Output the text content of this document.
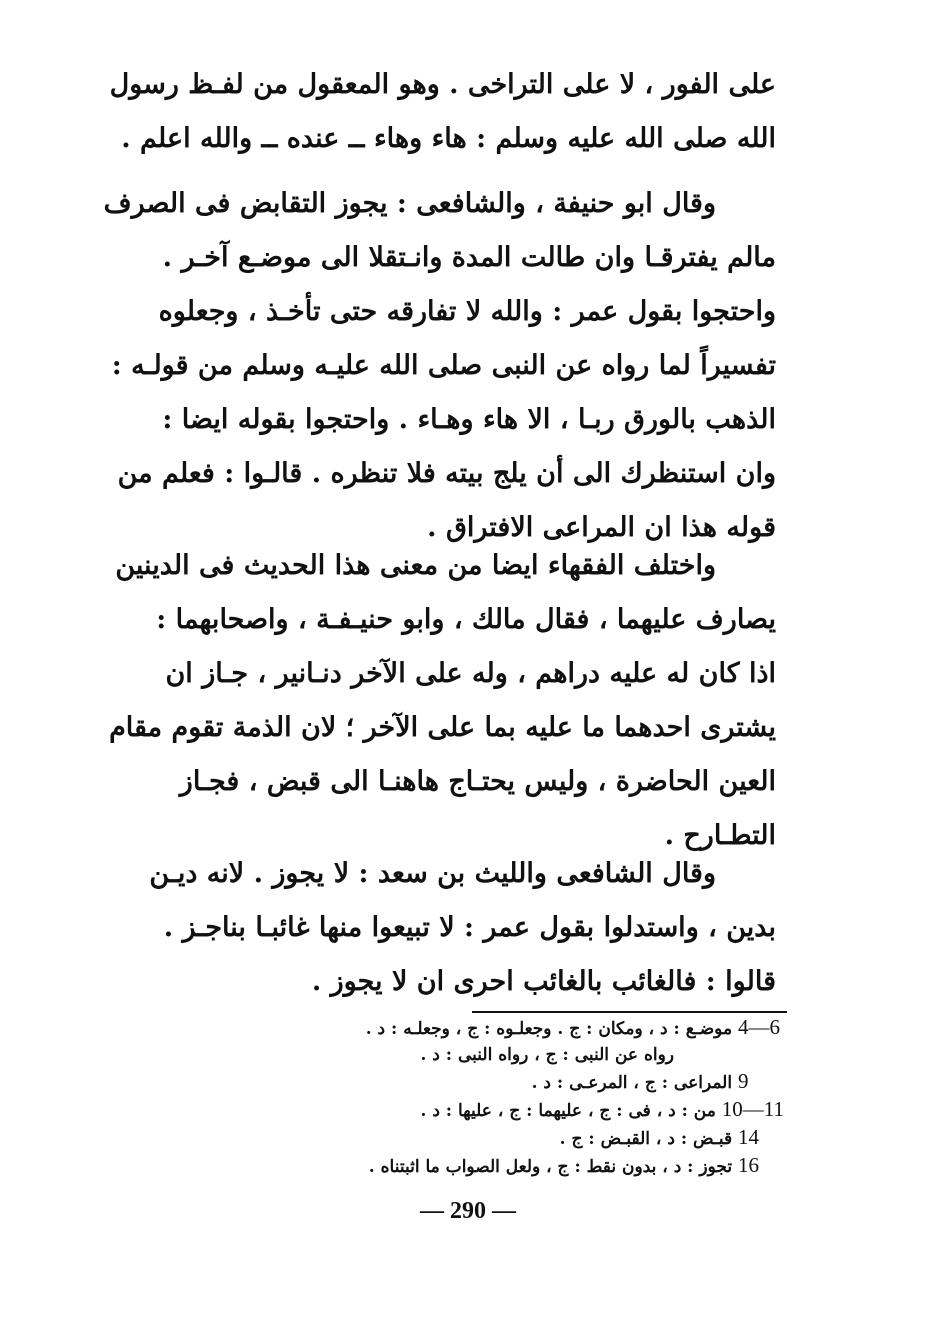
على الفور ، لا على التراخى . وهو المعقول من لفـظ رسول
الله صلى الله عليه وسلم : هاء وهاء ــ عنده ــ والله اعلم .
وقال ابو حنيفة ، والشافعى : يجوز التقابض فى الصرف
مالم يفترقـا وان طالت المدة وانـتقلا الى موضـع آخـر .
واحتجوا بقول عمر : والله لا تفارقه حتى تأخـذ ، وجعلوه
تفسيراً لما رواه عن النبى صلى الله عليـه وسلم من قولـه :
الذهب بالورق ربـا ، الا هاء وهـاء . واحتجوا بقوله ايضا :
وان استنظرك الى أن يلج بيته فلا تنظره . قالـوا : فعلم من
قوله هذا ان المراعى الافتراق .
واختلف الفقهاء ايضا من معنى هذا الحديث فى الدينين
يصارف عليهما ، فقال مالك ، وابو حنيـفـة ، واصحابهما :
اذا كان له عليه دراهم ، وله على الآخر دنـانير ، جـاز ان
يشترى احدهما ما عليه بما على الآخر ؛ لان الذمة تقوم مقام
العين الحاضرة ، وليس يحتـاج هاهنـا الى قبض ، فجـاز
التطـارح .
وقال الشافعى والليث بن سعد : لا يجوز . لانه ديـن
بدين ، واستدلوا بقول عمر : لا تبيعوا منها غائبـا بناجـز .
قالوا : فالغائب بالغائب احرى ان لا يجوز .
4—6 موضـع : د ، ومكان : ج . وجعلـوه : ج ، وجعلـه : د .
رواه عن النبى : ج ، رواه النبى : د .
9 المراعى : ج ، المرعـى : د .
10—11 من : د ، فى : ج ، عليهما : ج ، عليها : د .
14 قبـض : د ، القبـض : ج .
16 تجوز : د ، بدون نقط : ج ، ولعل الصواب ما اثبتناه .
— 290 —
